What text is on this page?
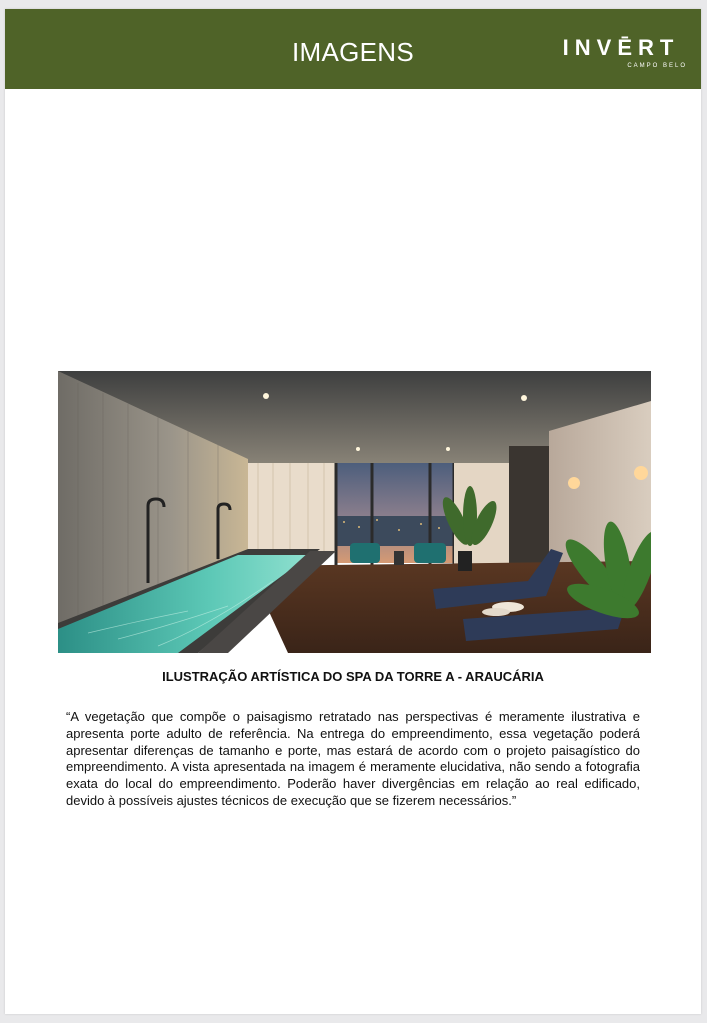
IMAGENS	INVĒRT
CAMPO BELO
ILUSTRAÇÃO ARTÍSTICA DO SPA DA TORRE A - ARAUCÁRIA
“A vegetação que compõe o paisagismo retratado nas perspectivas é meramente ilustrativa e apresenta porte adulto de referência. Na entrega do empreendimento, essa vegetação poderá apresentar diferenças de tamanho e porte, mas estará de acordo com o projeto paisagístico do empreendimento. A vista apresentada na imagem é meramente elucidativa, não sendo a fotografia exata do local do empreendimento. Poderão haver divergências em relação ao real edificado, devido à possíveis ajustes técnicos de execução que se fizerem necessários.”
